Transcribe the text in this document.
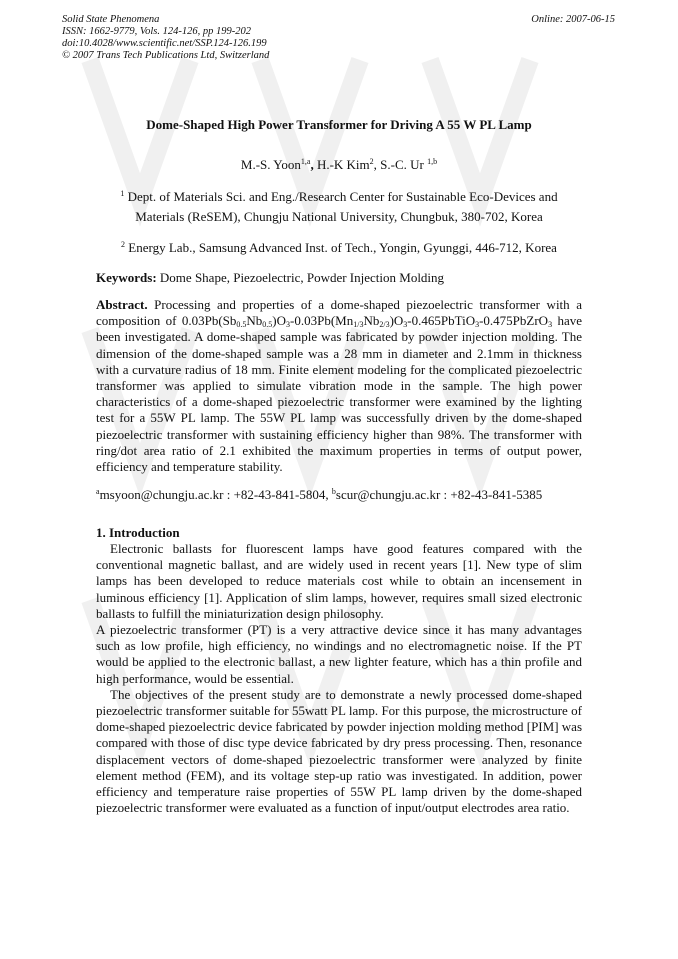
Solid State Phenomena
ISSN: 1662-9779, Vols. 124-126, pp 199-202
doi:10.4028/www.scientific.net/SSP.124-126.199
© 2007 Trans Tech Publications Ltd, Switzerland
Online: 2007-06-15
Dome-Shaped High Power Transformer for Driving A 55 W PL Lamp
M.-S. Yoon$^{1,a}$, H.-K Kim$^2$, S.-C. Ur $^{1,b}$
$^1$ Dept. of Materials Sci. and Eng./Research Center for Sustainable Eco-Devices and
Materials (ReSEM), Chungju National University, Chungbuk, 380-702, Korea
$^2$ Energy Lab., Samsung Advanced Inst. of Tech., Yongin, Gyunggi, 446-712, Korea
Keywords: Dome Shape, Piezoelectric, Powder Injection Molding
Abstract. Processing and properties of a dome-shaped piezoelectric transformer with a composition of $0.03Pb(Sb_{0.5}Nb_{0.5})O_3-0.03Pb(Mn_{1/3}Nb_{2/3})O_3-0.465PbTiO_3-0.475PbZrO_3$ have been investigated. A dome-shaped sample was fabricated by powder injection molding. The dimension of the dome-shaped sample was a 28 mm in diameter and 2.1mm in thickness with a curvature radius of 18 mm. Finite element modeling for the complicated piezoelectric transformer was applied to simulate vibration mode in the sample. The high power characteristics of a dome-shaped piezoelectric transformer were examined by the lighting test for a 55W PL lamp. The 55W PL lamp was successfully driven by the dome-shaped piezoelectric transformer with sustaining efficiency higher than 98%. The transformer with ring/dot area ratio of 2.1 exhibited the maximum properties in terms of output power, efficiency and temperature stability.
$^a$msyoon@chungju.ac.kr : +82-43-841-5804, $^b$scur@chungju.ac.kr : +82-43-841-5385
1. Introduction

Electronic ballasts for fluorescent lamps have good features compared with the conventional magnetic ballast, and are widely used in recent years [1]. New type of slim lamps has been developed to reduce materials cost while to obtain an incensement in luminous efficiency [1]. Application of slim lamps, however, requires small sized electronic ballasts to fulfill the miniaturization design philosophy.

A piezoelectric transformer (PT) is a very attractive device since it has many advantages such as low profile, high efficiency, no windings and no electromagnetic noise. If the PT would be applied to the electronic ballast, a new lighter feature, which has a thin profile and high performance, would be essential.

The objectives of the present study are to demonstrate a newly processed dome-shaped piezoelectric transformer suitable for 55watt PL lamp. For this purpose, the microstructure of dome-shaped piezoelectric device fabricated by powder injection molding method [PIM] was compared with those of disc type device fabricated by dry press processing. Then, resonance displacement vectors of dome-shaped piezoelectric transformer were analyzed by finite element method (FEM), and its voltage step-up ratio was investigated. In addition, power efficiency and temperature raise properties of 55W PL lamp driven by the dome-shaped piezoelectric transformer were evaluated as a function of input/output electrodes area ratio.
